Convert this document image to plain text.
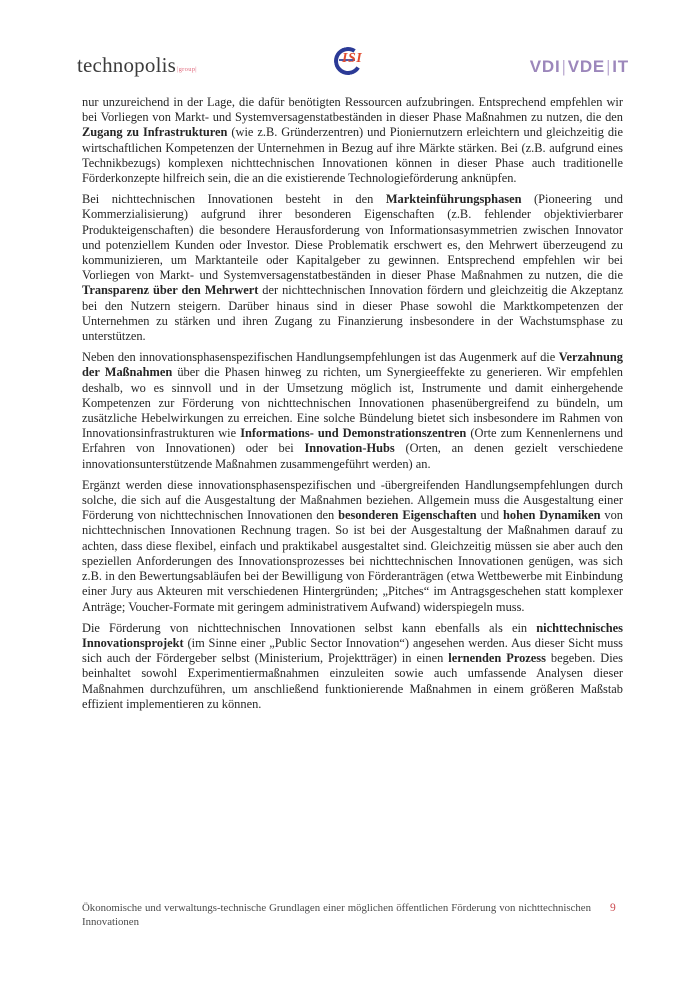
technopolis|group|
ISI	VDI|VDE|IT

nur unzureichend in der Lage, die dafür benötigten Ressourcen aufzubringen. Entsprechend empfehlen wir bei Vorliegen von Markt- und Systemversagenstatbeständen in dieser Phase Maßnahmen zu nutzen, die den Zugang zu Infrastrukturen (wie z.B. Gründerzentren) und Pioniernutzern erleichtern und gleichzeitig die wirtschaftlichen Kompetenzen der Unternehmen in Bezug auf ihre Märkte stärken. Bei (z.B. aufgrund eines Technikbezugs) komplexen nichttechnischen Innovationen können in dieser Phase auch traditionelle Förderkonzepte hilfreich sein, die an die existierende Technologieförderung anknüpfen.

Bei nichttechnischen Innovationen besteht in den Markteinführungsphasen (Pioneering und Kommerzialisierung) aufgrund ihrer besonderen Eigenschaften (z.B. fehlender objektivierbarer Produkteigenschaften) die besondere Herausforderung von Informationsasymmetrien zwischen Innovator und potenziellem Kunden oder Investor. Diese Problematik erschwert es, den Mehrwert überzeugend zu kommunizieren, um Marktanteile oder Kapitalgeber zu gewinnen. Entsprechend empfehlen wir bei Vorliegen von Markt- und Systemversagenstatbeständen in dieser Phase Maßnahmen zu nutzen, die die Transparenz über den Mehrwert der nichttechnischen Innovation fördern und gleichzeitig die Akzeptanz bei den Nutzern steigern. Darüber hinaus sind in dieser Phase sowohl die Marktkompetenzen der Unternehmen zu stärken und ihren Zugang zu Finanzierung insbesondere in der Wachstumsphase zu unterstützen.

Neben den innovationsphasenspezifischen Handlungsempfehlungen ist das Augenmerk auf die Verzahnung der Maßnahmen über die Phasen hinweg zu richten, um Synergieeffekte zu generieren. Wir empfehlen deshalb, wo es sinnvoll und in der Umsetzung möglich ist, Instrumente und damit einhergehende Kompetenzen zur Förderung von nichttechnischen Innovationen phasenübergreifend zu bündeln, um zusätzliche Hebelwirkungen zu erreichen. Eine solche Bündelung bietet sich insbesondere im Rahmen von Innovationsinfrastrukturen wie Informations- und Demonstrationszentren (Orte zum Kennenlernens und Erfahren von Innovationen) oder bei Innovation-Hubs (Orten, an denen gezielt verschiedene innovationsunterstützende Maßnahmen zusammengeführt werden) an.

Ergänzt werden diese innovationsphasenspezifischen und -übergreifenden Handlungsempfehlungen durch solche, die sich auf die Ausgestaltung der Maßnahmen beziehen. Allgemein muss die Ausgestaltung einer Förderung von nichttechnischen Innovationen den besonderen Eigenschaften und hohen Dynamiken von nichttechnischen Innovationen Rechnung tragen. So ist bei der Ausgestaltung der Maßnahmen darauf zu achten, dass diese flexibel, einfach und praktikabel ausgestaltet sind. Gleichzeitig müssen sie aber auch den speziellen Anforderungen des Innovationsprozesses bei nichttechnischen Innovationen genügen, was sich z.B. in den Bewertungsabläufen bei der Bewilligung von Förderanträgen (etwa Wettbewerbe mit Einbindung einer Jury aus Akteuren mit verschiedenen Hintergründen; „Pitches“ im Antragsgeschehen statt komplexer Anträge; Voucher-Formate mit geringem administrativem Aufwand) widerspiegeln muss.

Die Förderung von nichttechnischen Innovationen selbst kann ebenfalls als ein nichttechnisches Innovationsprojekt (im Sinne einer „Public Sector Innovation“) angesehen werden. Aus dieser Sicht muss sich auch der Fördergeber selbst (Ministerium, Projektträger) in einen lernenden Prozess begeben. Dies beinhaltet sowohl Experimentiermaßnahmen einzuleiten sowie auch umfassende Analysen dieser Maßnahmen durchzuführen, um anschließend funktionierende Maßnahmen in einem größeren Maßstab effizient implementieren zu können.

Ökonomische und verwaltungs-technische Grundlagen einer möglichen öffentlichen Förderung von nichttechnischen Innovationen
9
